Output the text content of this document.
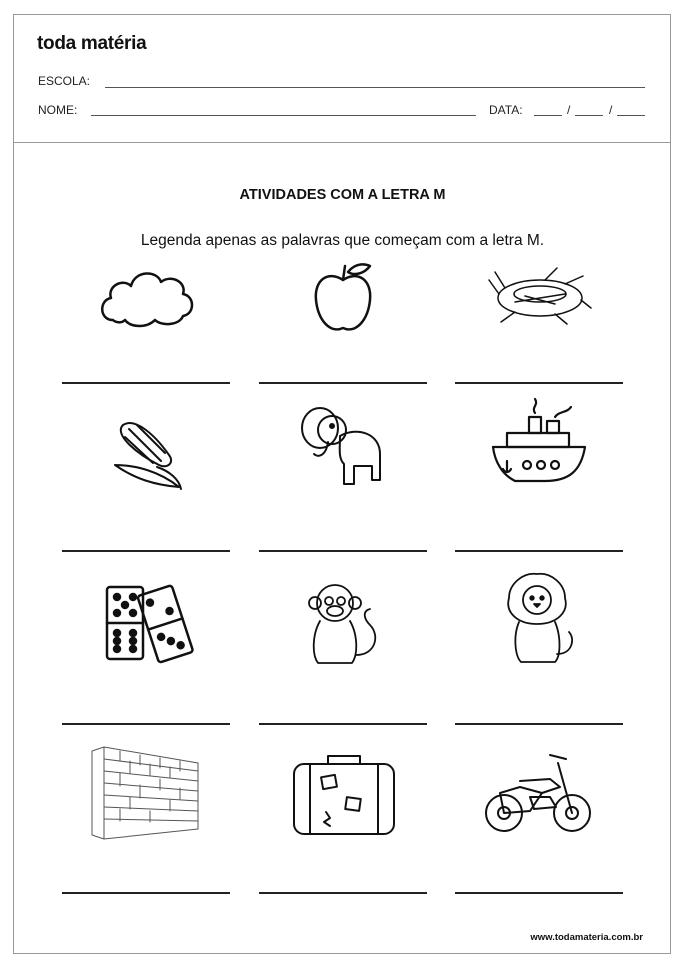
toda matéria
ESCOLA:
NOME:	DATA:	/	/
ATIVIDADES COM A LETRA M
Legenda apenas as palavras que começam com a letra M.
www.todamateria.com.br
